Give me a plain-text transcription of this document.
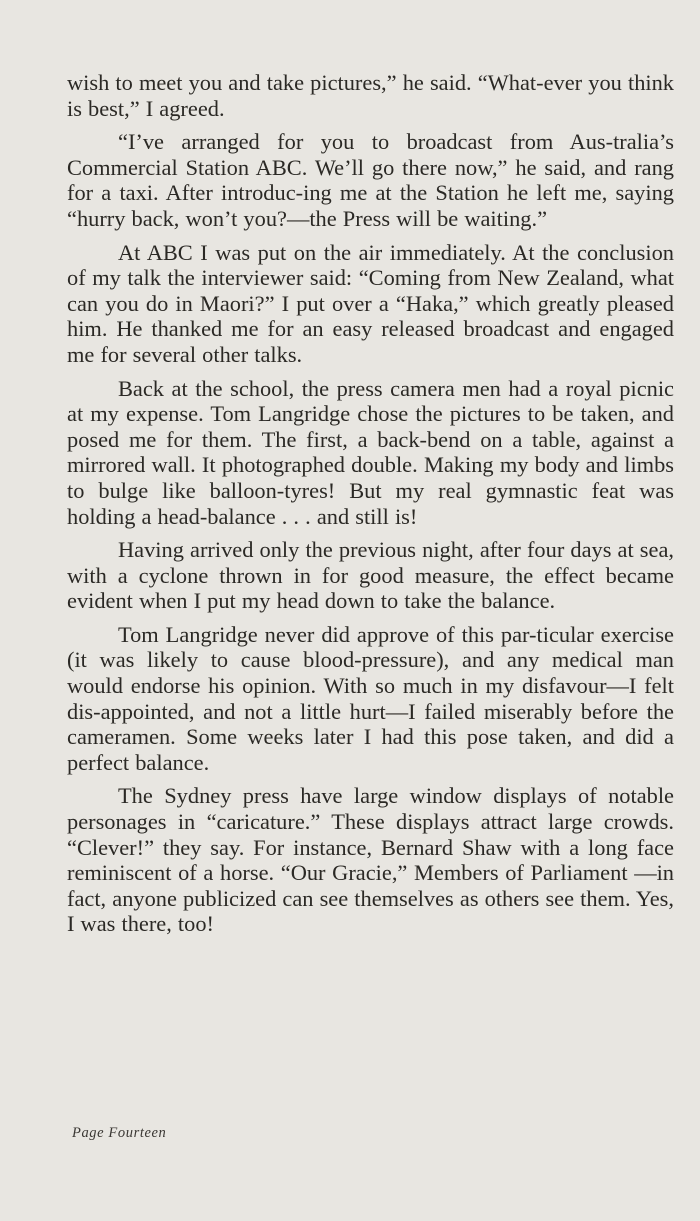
wish to meet you and take pictures,” he said. “What-ever you think is best,” I agreed.

“I’ve arranged for you to broadcast from Aus-tralia’s Commercial Station ABC. We’ll go there now,” he said, and rang for a taxi. After introduc-ing me at the Station he left me, saying “hurry back, won’t you?—the Press will be waiting.”

At ABC I was put on the air immediately. At the conclusion of my talk the interviewer said: “Coming from New Zealand, what can you do in Maori?” I put over a “Haka,” which greatly pleased him. He thanked me for an easy released broadcast and engaged me for several other talks.

Back at the school, the press camera men had a royal picnic at my expense. Tom Langridge chose the pictures to be taken, and posed me for them. The first, a back-bend on a table, against a mirrored wall. It photographed double. Making my body and limbs to bulge like balloon-tyres! But my real gymnastic feat was holding a head-balance . . . and still is!

Having arrived only the previous night, after four days at sea, with a cyclone thrown in for good measure, the effect became evident when I put my head down to take the balance.

Tom Langridge never did approve of this par-ticular exercise (it was likely to cause blood-pressure), and any medical man would endorse his opinion. With so much in my disfavour—I felt dis-appointed, and not a little hurt—I failed miserably before the cameramen. Some weeks later I had this pose taken, and did a perfect balance.

The Sydney press have large window displays of notable personages in “caricature.” These displays attract large crowds. “Clever!” they say. For instance, Bernard Shaw with a long face reminiscent of a horse. “Our Gracie,” Members of Parliament —in fact, anyone publicized can see themselves as others see them. Yes, I was there, too!

Page Fourteen
